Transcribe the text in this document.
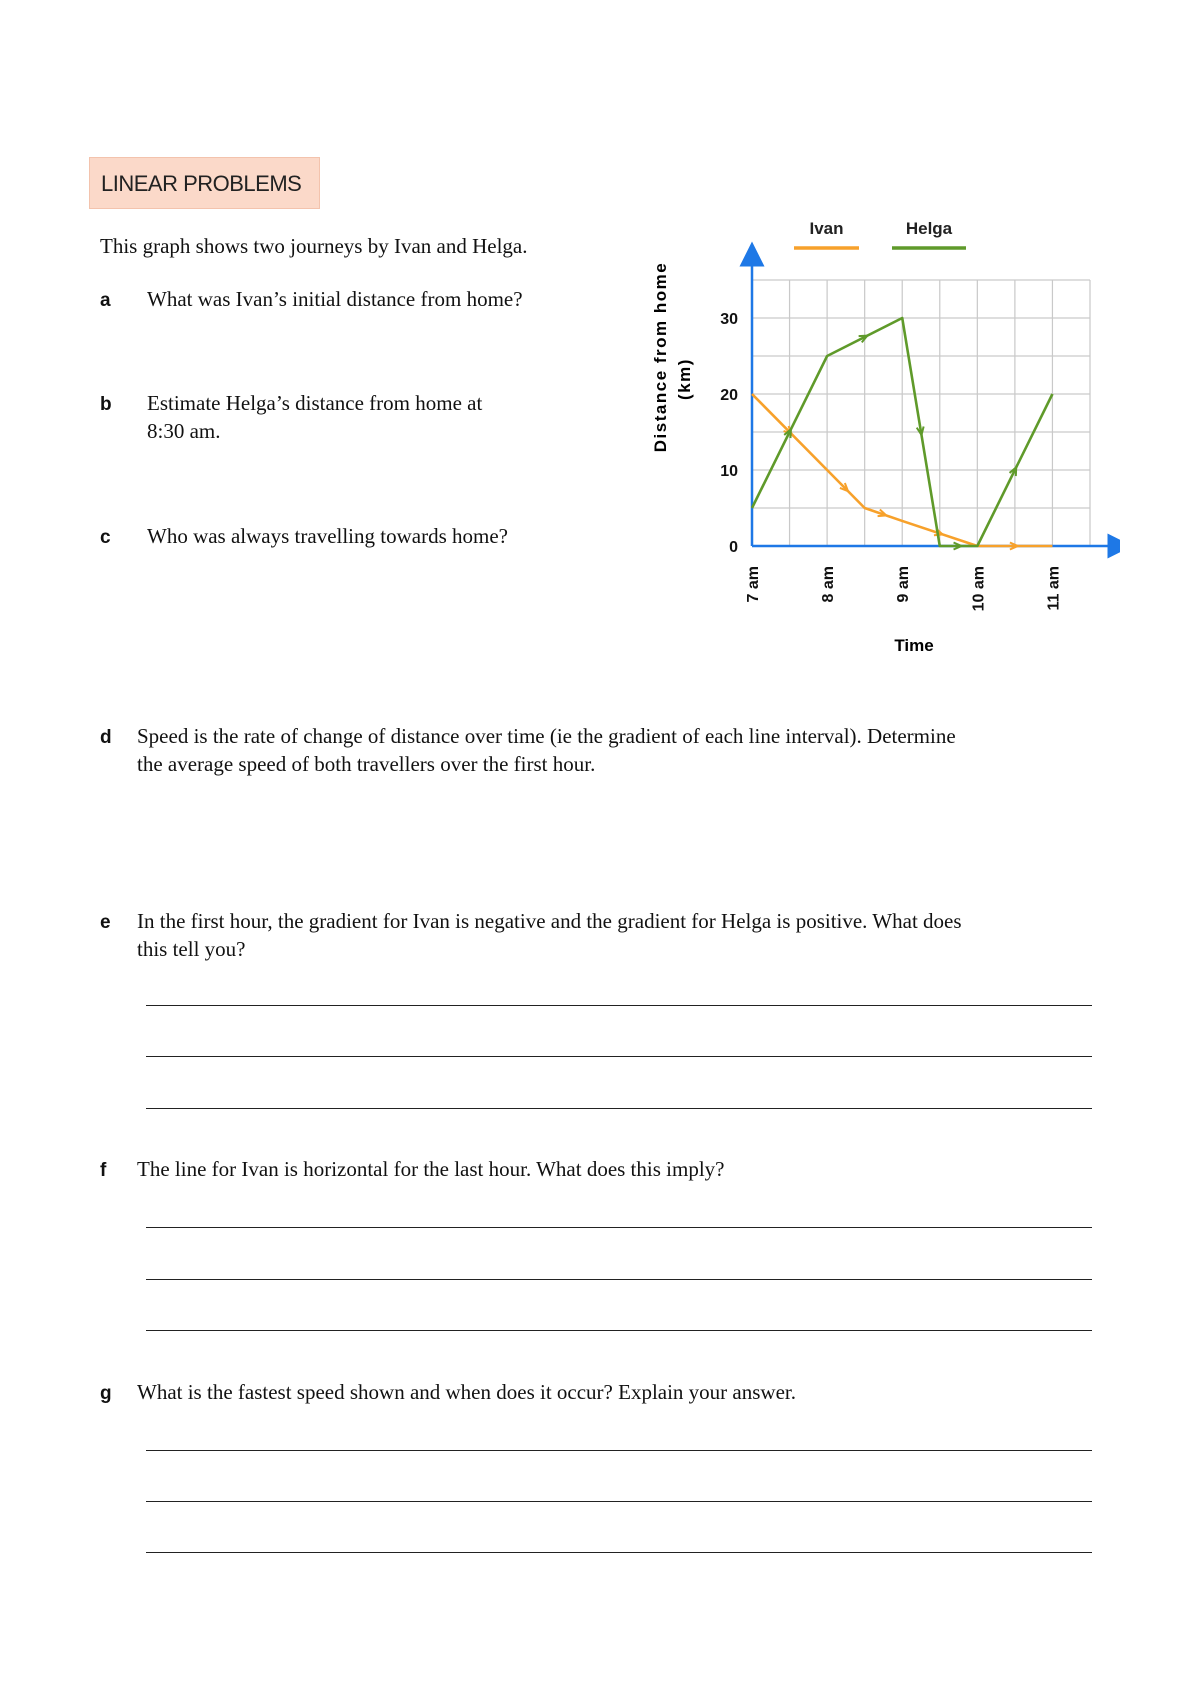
LINEAR PROBLEMS
This graph shows two journeys by Ivan and Helga.
a What was Ivan’s initial distance from home?
b Estimate Helga’s distance from home at
8:30 am.
c Who was always travelling towards home?	0
10
20
30
7 am	8 am	9 am	10 am	11 am
Ivan	Helga
Distance from home (km)
Time
d Speed is the rate of change of distance over time (ie the gradient of each line interval). Determine
the average speed of both travellers over the first hour.
e In the first hour, the gradient for Ivan is negative and the gradient for Helga is positive. What does
this tell you?
f The line for Ivan is horizontal for the last hour. What does this imply?
g What is the fastest speed shown and when does it occur? Explain your answer.
